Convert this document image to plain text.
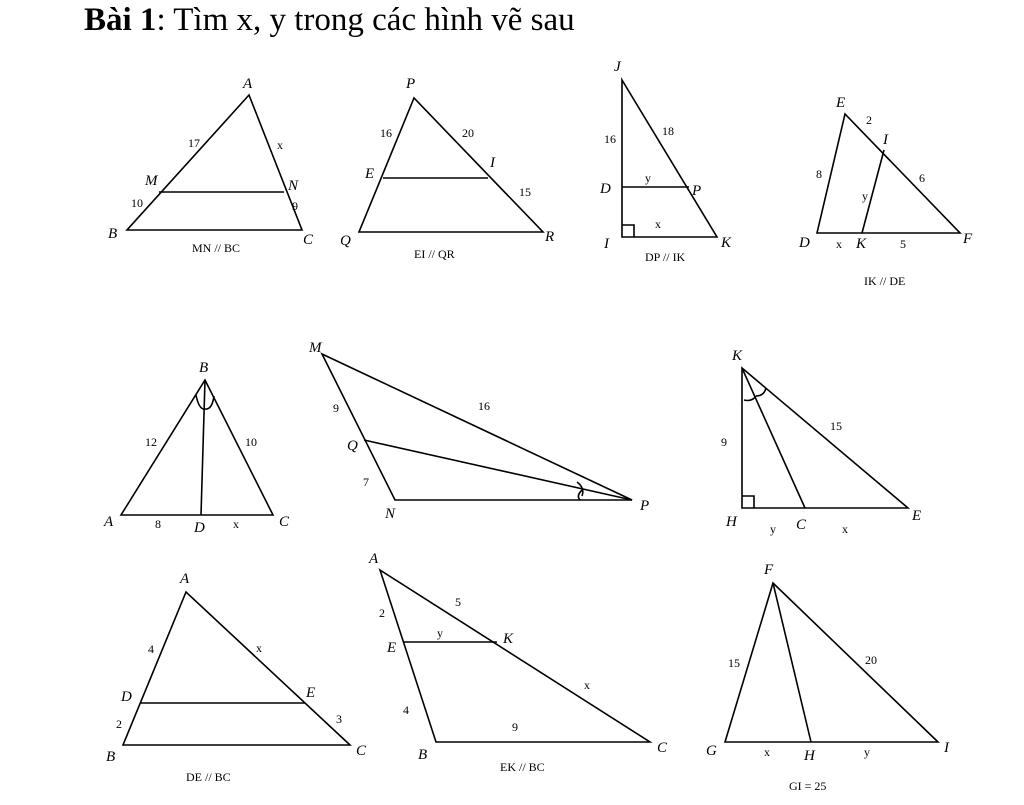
Bài 1: Tìm x, y trong các hình vẽ sau
A
M	N
B	C
17	x
10	9
MN // BC
P
E
I
Q	R
16	20
15
EI // QR
J
D	P
I	K
16
18
y
x
DP // IK
E
I
D	K	F
2
8	6
y
x	5
IK // DE
B
A	D	C
12	10
8	x
M
Q
N	P
9	16
7
K
H	C
E
9
15
y	x
A
D	E
B	C
4	x
2	3
DE // BC
A
5
2
E
y	K
x
4
9
B	C
EK // BC
F
15	20
G	x H	y	I
GI = 25
